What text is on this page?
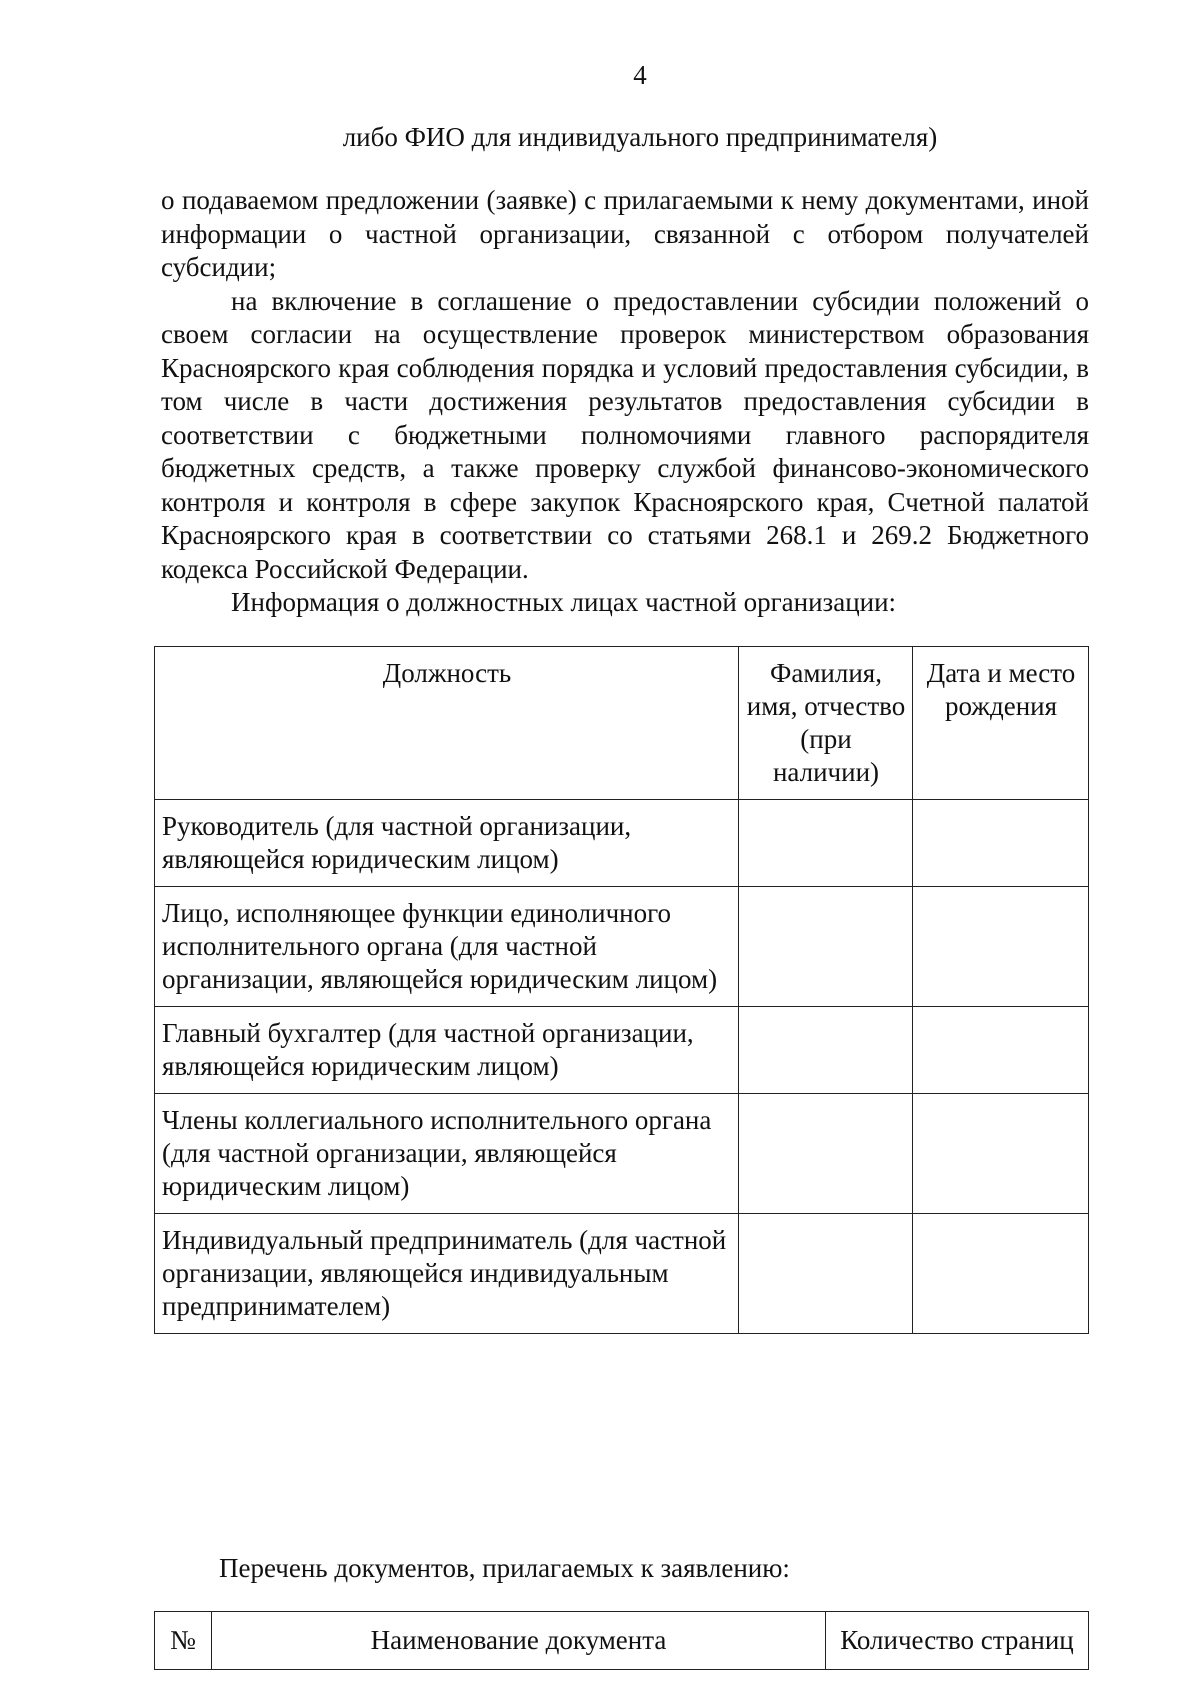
4
либо ФИО для индивидуального предпринимателя)

о подаваемом предложении (заявке) с прилагаемыми к нему документами, иной информации о частной организации, связанной с отбором получателей субсидии;

на включение в соглашение о предоставлении субсидии положений о своем согласии на осуществление проверок министерством образования Красноярского края соблюдения порядка и условий предоставления субсидии, в том числе в части достижения результатов предоставления субсидии в соответствии с бюджетными полномочиями главного распорядителя бюджетных средств, а также проверку службой финансово-экономического контроля и контроля в сфере закупок Красноярского края, Счетной палатой Красноярского края в соответствии со статьями 268.1 и 269.2 Бюджетного кодекса Российской Федерации.

Информация о должностных лицах частной организации:

Должность	Фамилия, имя, отчество (при наличии)	Дата и место рождения
Руководитель (для частной организации, являющейся юридическим лицом)		
Лицо, исполняющее функции единоличного исполнительного органа (для частной организации, являющейся юридическим лицом)		
Главный бухгалтер (для частной организации, являющейся юридическим лицом)		
Члены коллегиального исполнительного органа (для частной организации, являющейся юридическим лицом)		
Индивидуальный предприниматель (для частной организации, являющейся индивидуальным предпринимателем)		
Перечень документов, прилагаемых к заявлению:
№	Наименование документа	Количество страниц
